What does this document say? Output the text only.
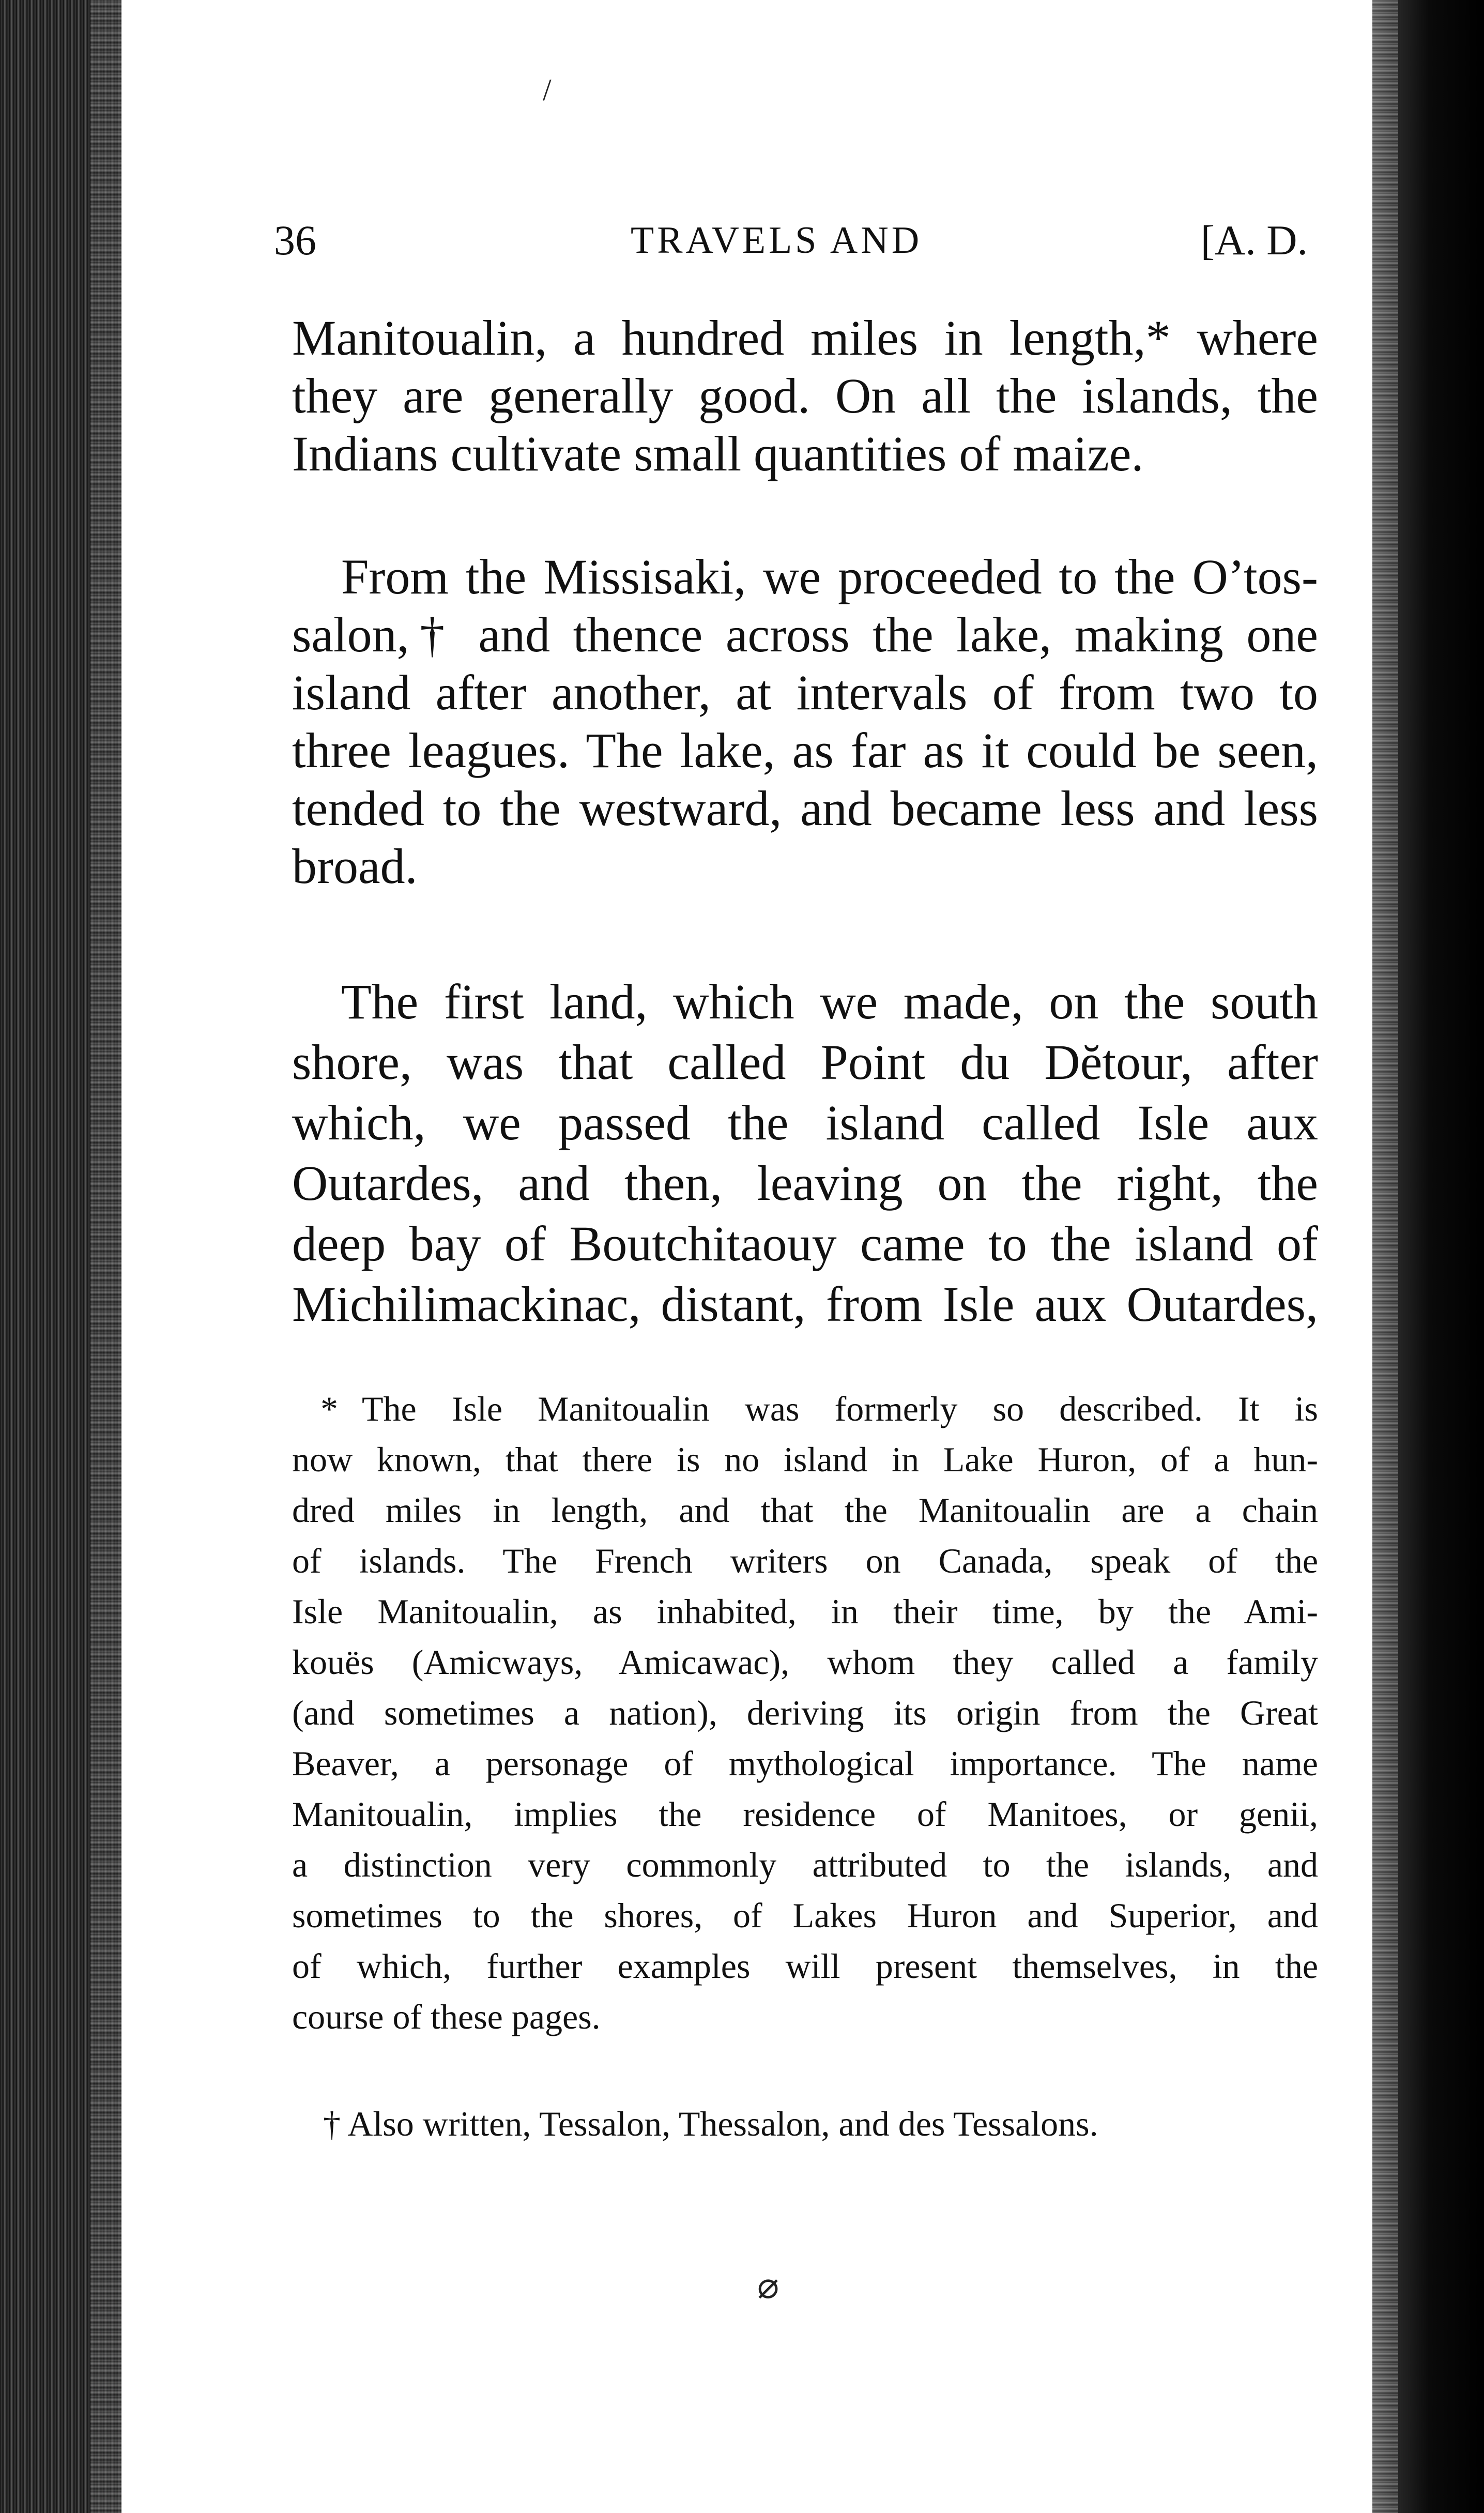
/
⌀
36	TRAVELS AND	[A. D.
Manitoualin, a hundred miles in length,* where
they are generally good. On all the islands, the
Indians cultivate small quantities of maize.
From the Missisaki, we proceeded to the O’tos-
salon,† and thence across the lake, making one
island after another, at intervals of from two to
three leagues. The lake, as far as it could be seen,
tended to the westward, and became less and less
broad.
The first land, which we made, on the south
shore, was that called Point du Dĕtour, after
which, we passed the island called Isle aux
Outardes, and then, leaving on the right, the
deep bay of Boutchitaouy came to the island of
Michilimackinac, distant, from Isle aux Outardes,
* The Isle Manitoualin was formerly so described. It is
now known, that there is no island in Lake Huron, of a hun-
dred miles in length, and that the Manitoualin are a chain
of islands. The French writers on Canada, speak of the
Isle Manitoualin, as inhabited, in their time, by the Ami-
kouës (Amicways, Amicawac), whom they called a family
(and sometimes a nation), deriving its origin from the Great
Beaver, a personage of mythological importance. The name
Manitoualin, implies the residence of Manitoes, or genii,
a distinction very commonly attributed to the islands, and
sometimes to the shores, of Lakes Huron and Superior, and
of which, further examples will present themselves, in the
course of these pages.
† Also written, Tessalon, Thessalon, and des Tessalons.
